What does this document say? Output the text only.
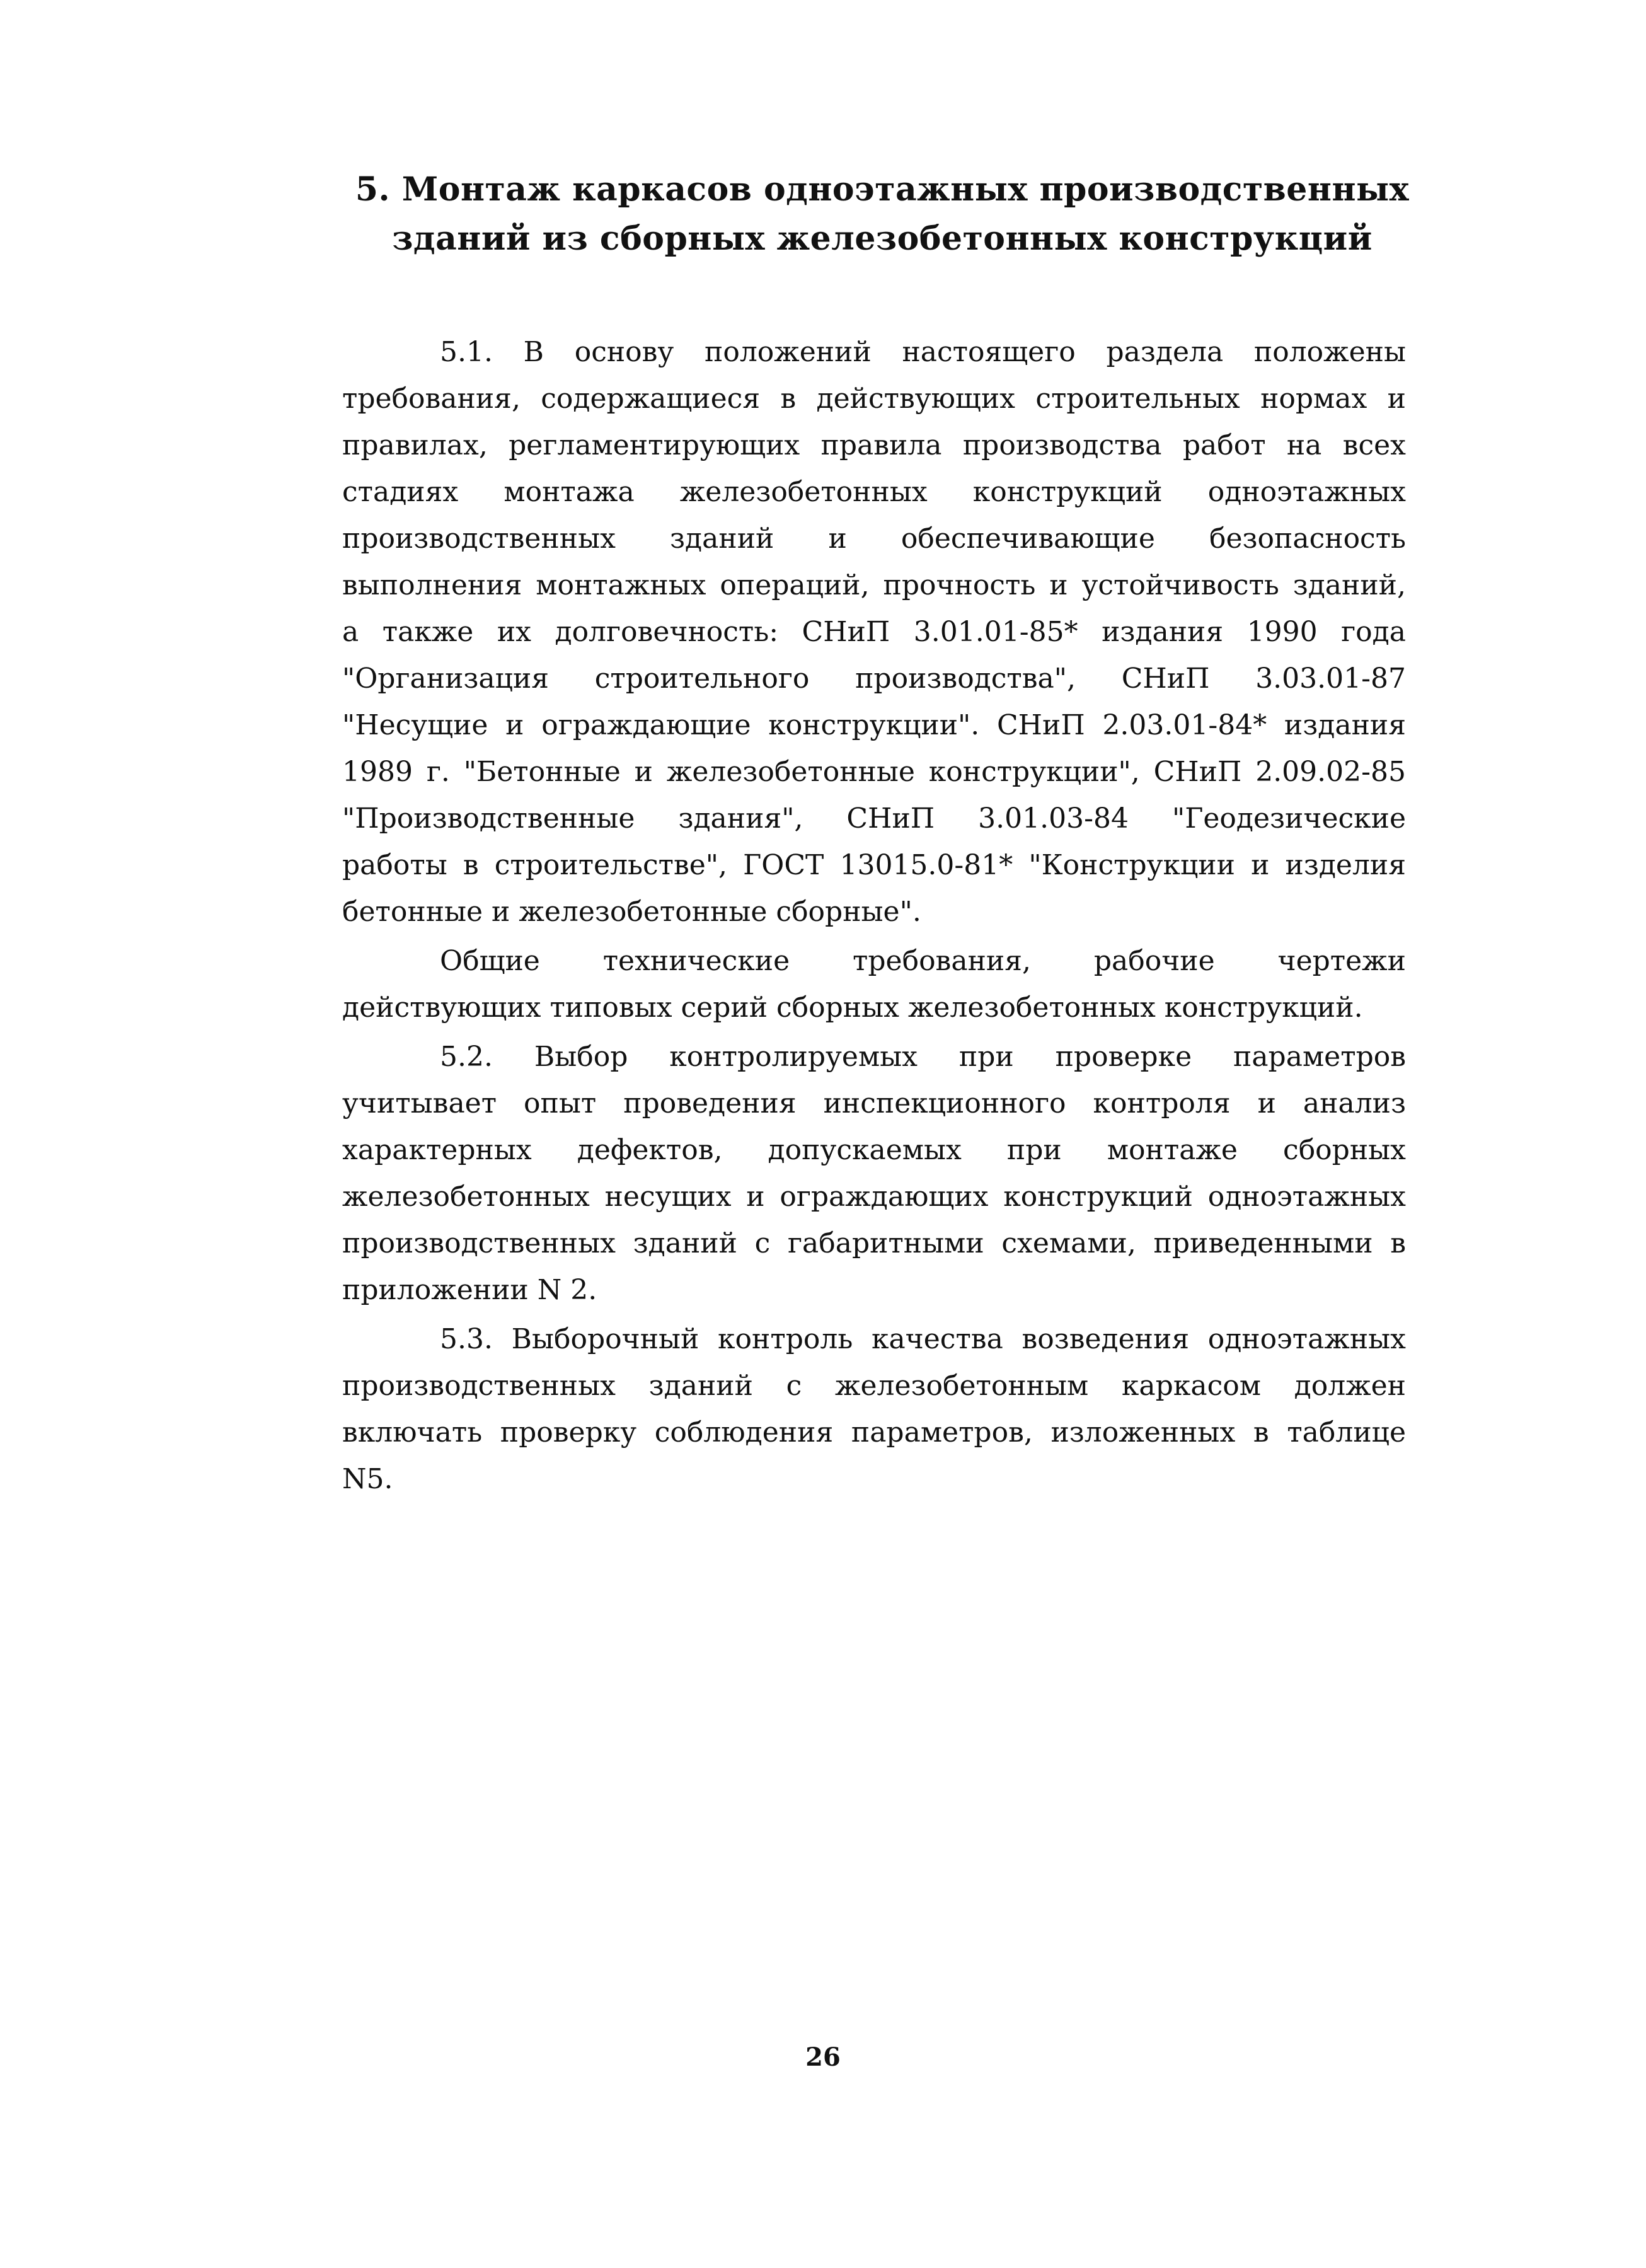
5. Монтаж каркасов одноэтажных производственных
зданий из сборных железобетонных конструкций
5.1. В основу положений настоящего раздела положены
требования, содержащиеся в действующих строительных нормах и
правилах, регламентирующих правила производства работ на всех
стадиях монтажа железобетонных конструкций одноэтажных
производственных зданий и обеспечивающие безопасность
выполнения монтажных операций, прочность и устойчивость зданий,
а также их долговечность: СНиП 3.01.01-85* издания 1990 года
"Организация строительного производства", СНиП 3.03.01-87
"Несущие и ограждающие конструкции". СНиП 2.03.01-84* издания
1989 г. "Бетонные и железобетонные конструкции", СНиП 2.09.02-85
"Производственные здания", СНиП 3.01.03-84 "Геодезические
работы в строительстве", ГОСТ 13015.0-81* "Конструкции и изделия
бетонные и железобетонные сборные".
Общие технические требования, рабочие чертежи
действующих типовых серий сборных железобетонных конструкций.
5.2. Выбор контролируемых при проверке параметров
учитывает опыт проведения инспекционного контроля и анализ
характерных дефектов, допускаемых при монтаже сборных
железобетонных несущих и ограждающих конструкций одноэтажных
производственных зданий с габаритными схемами, приведенными в
приложении N 2.
5.3. Выборочный контроль качества возведения одноэтажных
производственных зданий с железобетонным каркасом должен
включать проверку соблюдения параметров, изложенных в таблице
N5.
26
